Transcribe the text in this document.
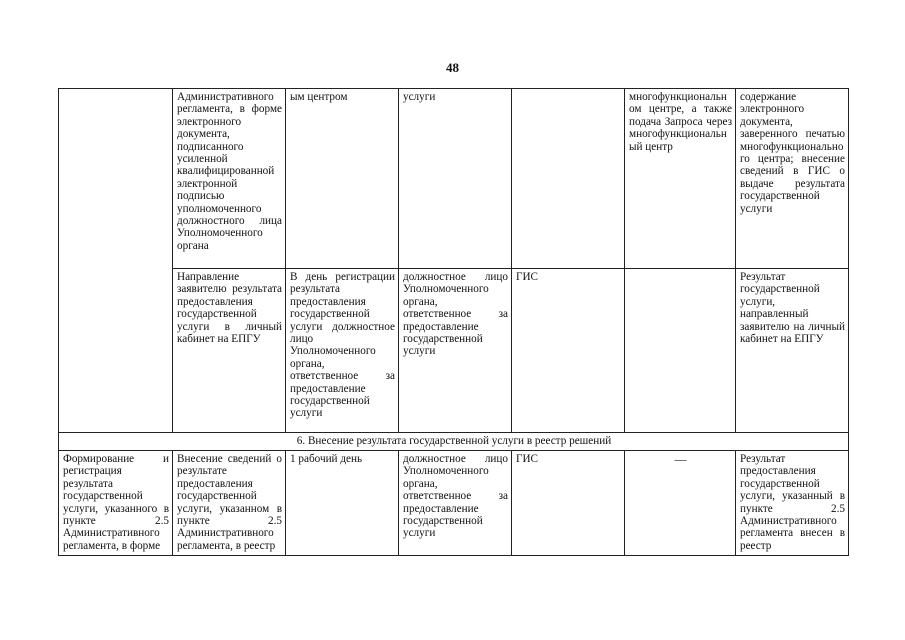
48
	Административного регламента, в форме электронного документа, подписанного усиленной квалифицированной электронной подписью уполномоченного должностного лица Уполномоченного органа	ым центром	услуги		многофункциональном центре, а также подача Запроса через многофункциональный центр	содержание электронного документа, заверенного печатью многофункционального центра; внесение сведений в ГИС о выдаче результата государственной услуги
	Направление заявителю результата предоставления государственной услуги в личный кабинет на ЕПГУ	В день регистрации результата предоставления государственной услуги должностное лицо Уполномоченного органа, ответственное за предоставление государственной услуги	должностное лицо Уполномоченного органа, ответственное за предоставление государственной услуги	ГИС		Результат государственной услуги, направленный заявителю на личный кабинет на ЕПГУ
6. Внесение результата государственной услуги в реестр решений						
Формирование и регистрация результата государственной услуги, указанного в пункте 2.5 Административного регламента, в форме	Внесение сведений о результате предоставления государственной услуги, указанном в пункте 2.5 Административного регламента, в реестр	1 рабочий день	должностное лицо Уполномоченного органа, ответственное за предоставление государственной услуги	ГИС	—	Результат предоставления государственной услуги, указанный в пункте 2.5 Административного регламента внесен в реестр
